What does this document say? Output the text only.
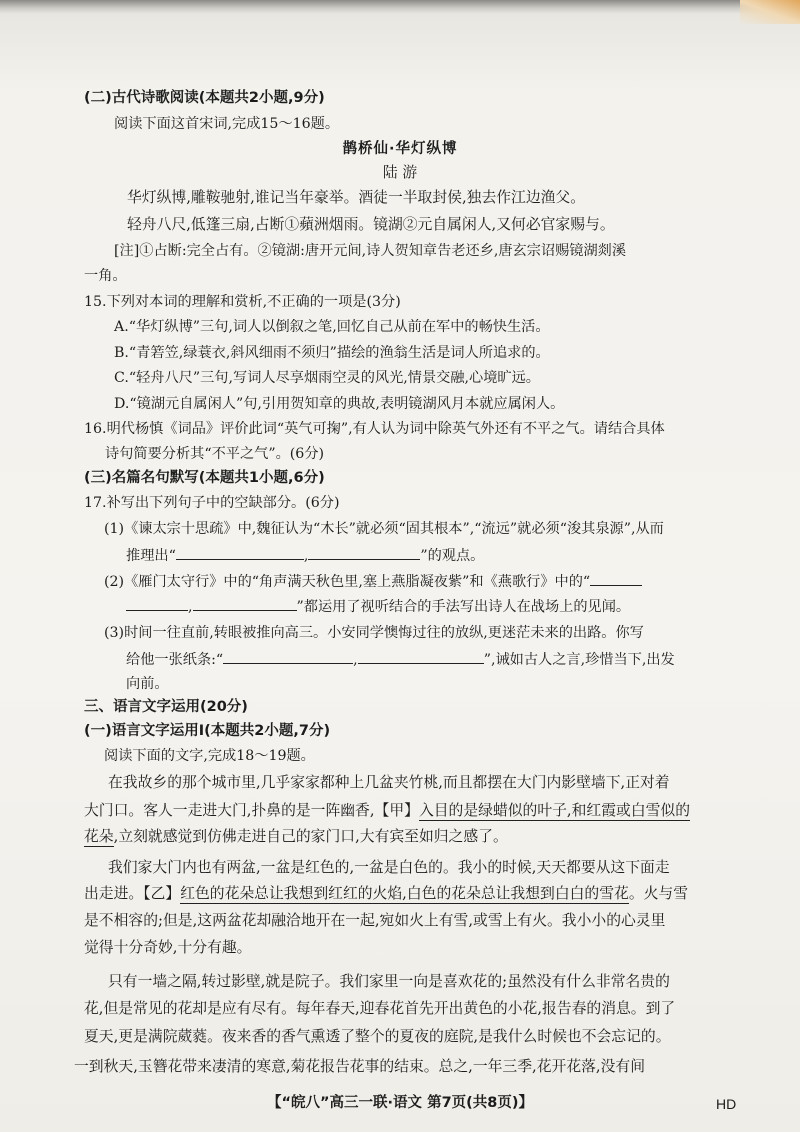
(二)古代诗歌阅读(本题共2小题,9分)
阅读下面这首宋词,完成15～16题。
鹊桥仙·华灯纵博
陆 游
华灯纵博,雕鞍驰射,谁记当年豪举。酒徒一半取封侯,独去作江边渔父。
轻舟八尺,低篷三扇,占断①蘋洲烟雨。镜湖②元自属闲人,又何必官家赐与。
[注]①占断:完全占有。②镜湖:唐开元间,诗人贺知章告老还乡,唐玄宗诏赐镜湖剡溪
一角。
15.下列对本词的理解和赏析,不正确的一项是(3分)
A.“华灯纵博”三句,词人以倒叙之笔,回忆自己从前在军中的畅快生活。
B.“青箬笠,绿蓑衣,斜风细雨不须归”描绘的渔翁生活是词人所追求的。
C.“轻舟八尺”三句,写词人尽享烟雨空灵的风光,情景交融,心境旷远。
D.“镜湖元自属闲人”句,引用贺知章的典故,表明镜湖风月本就应属闲人。
16.明代杨慎《词品》评价此词“英气可掬”,有人认为词中除英气外还有不平之气。请结合具体
诗句简要分析其“不平之气”。(6分)
(三)名篇名句默写(本题共1小题,6分)
17.补写出下列句子中的空缺部分。(6分)
(1)《谏太宗十思疏》中,魏征认为“木长”就必须“固其根本”,“流远”就必须“浚其泉源”,从而
推理出“	,	”的观点。
(2)《雁门太守行》中的“角声满天秋色里,塞上燕脂凝夜紫”和《燕歌行》中的“
,	”都运用了视听结合的手法写出诗人在战场上的见闻。
(3)时间一往直前,转眼被推向高三。小安同学懊悔过往的放纵,更迷茫未来的出路。你写
给他一张纸条:“	,	”,诫如古人之言,珍惜当下,出发
向前。
三、语言文字运用(20分)
(一)语言文字运用Ⅰ(本题共2小题,7分)
阅读下面的文字,完成18～19题。
在我故乡的那个城市里,几乎家家都种上几盆夹竹桃,而且都摆在大门内影壁墙下,正对着
大门口。客人一走进大门,扑鼻的是一阵幽香,【甲】入目的是绿蜡似的叶子,和红霞或白雪似的
花朵,立刻就感觉到仿佛走进自己的家门口,大有宾至如归之感了。
我们家大门内也有两盆,一盆是红色的,一盆是白色的。我小的时候,天天都要从这下面走
出走进。【乙】红色的花朵总让我想到红红的火焰,白色的花朵总让我想到白白的雪花。火与雪
是不相容的;但是,这两盆花却融洽地开在一起,宛如火上有雪,或雪上有火。我小小的心灵里
觉得十分奇妙,十分有趣。
只有一墙之隔,转过影壁,就是院子。我们家里一向是喜欢花的;虽然没有什么非常名贵的
花,但是常见的花却是应有尽有。每年春天,迎春花首先开出黄色的小花,报告春的消息。到了
夏天,更是满院葳蕤。夜来香的香气熏透了整个的夏夜的庭院,是我什么时候也不会忘记的。
一到秋天,玉簪花带来凄清的寒意,菊花报告花事的结束。总之,一年三季,花开花落,没有间
【“皖八”高三一联·语文 第7页(共8页)】	HD
